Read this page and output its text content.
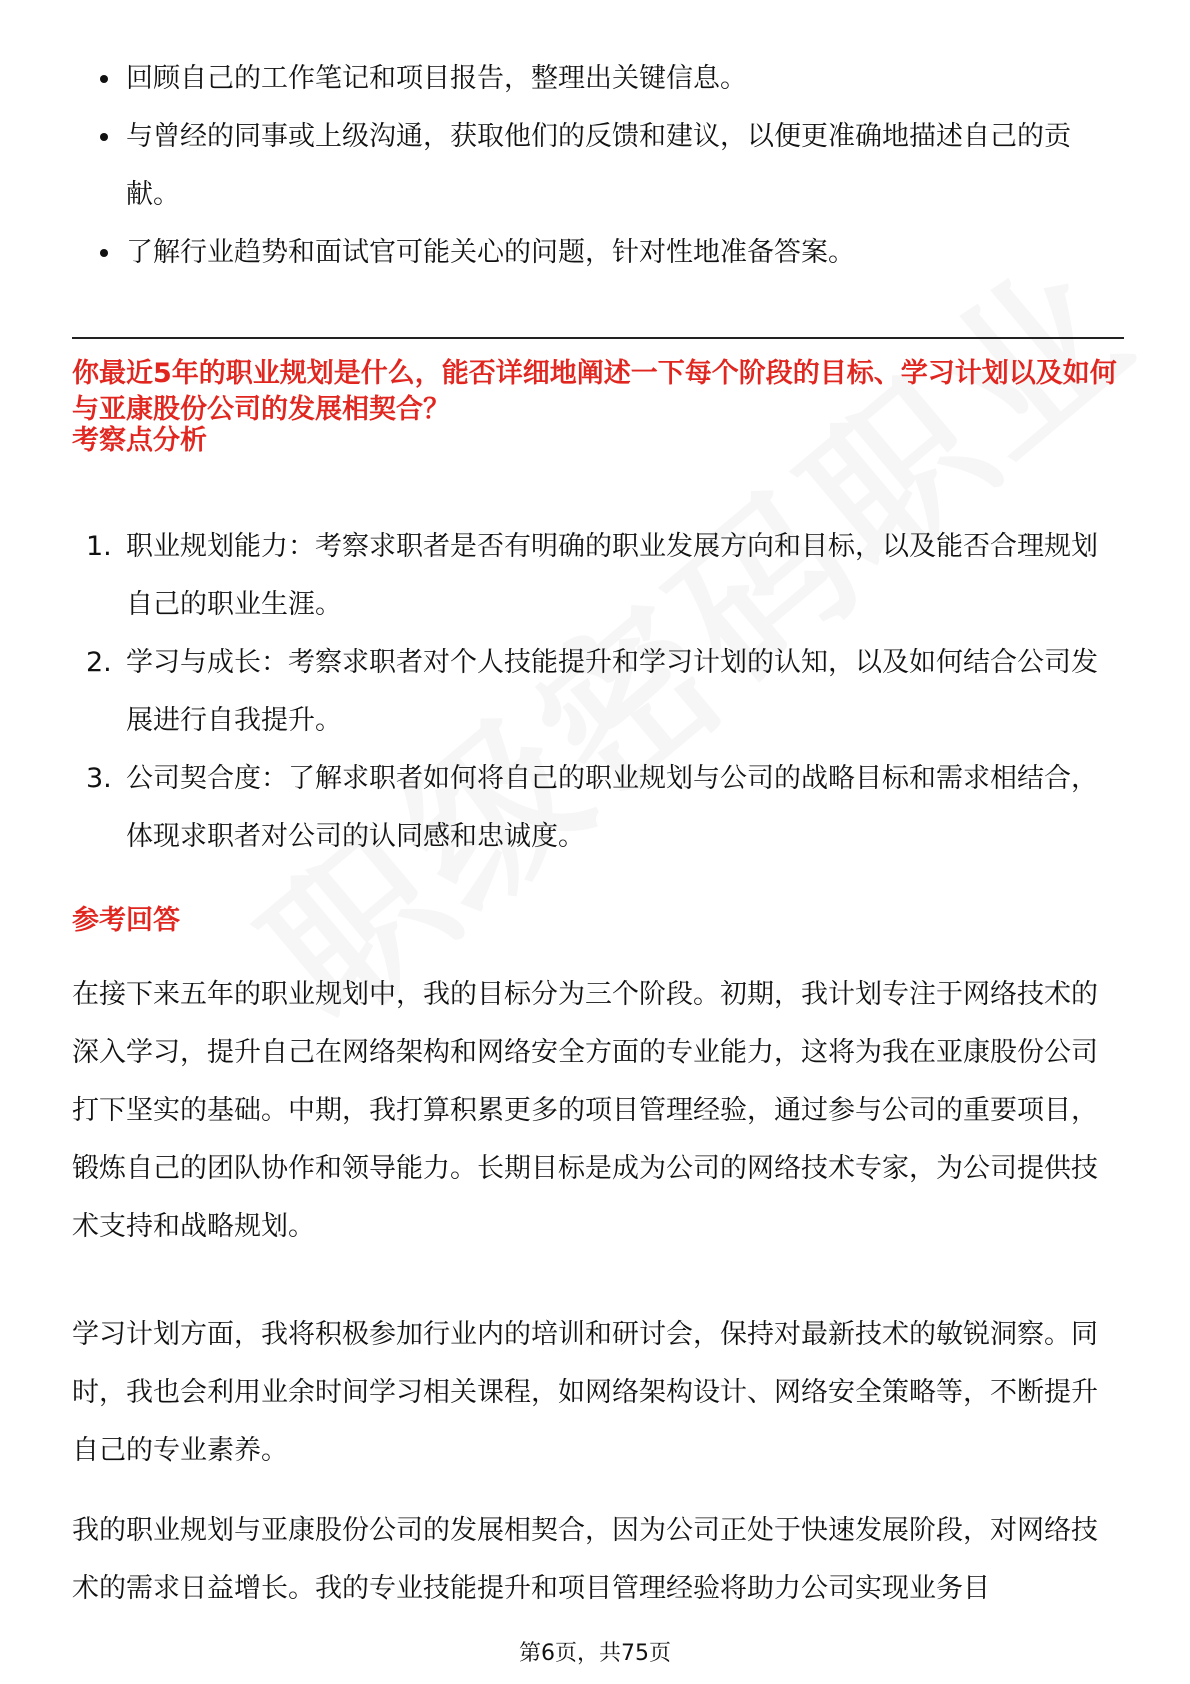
回顾自己的工作笔记和项目报告，整理出关键信息。
与曾经的同事或上级沟通，获取他们的反馈和建议，以便更准确地描述自己的贡献。
了解行业趋势和面试官可能关心的问题，针对性地准备答案。

你最近5年的职业规划是什么，能否详细地阐述一下每个阶段的目标、学习计划以及如何与亚康股份公司的发展相契合？

考察点分析
1. 职业规划能力：考察求职者是否有明确的职业发展方向和目标，以及能否合理规划自己的职业生涯。
2. 学习与成长：考察求职者对个人技能提升和学习计划的认知，以及如何结合公司发展进行自我提升。
3. 公司契合度：了解求职者如何将自己的职业规划与公司的战略目标和需求相结合，体现求职者对公司的认同感和忠诚度。
参考回答

在接下来五年的职业规划中，我的目标分为三个阶段。初期，我计划专注于网络技术的深入学习，提升自己在网络架构和网络安全方面的专业能力，这将为我在亚康股份公司打下坚实的基础。中期，我打算积累更多的项目管理经验，通过参与公司的重要项目，锻炼自己的团队协作和领导能力。长期目标是成为公司的网络技术专家，为公司提供技术支持和战略规划。

学习计划方面，我将积极参加行业内的培训和研讨会，保持对最新技术的敏锐洞察。同时，我也会利用业余时间学习相关课程，如网络架构设计、网络安全策略等，不断提升自己的专业素养。

我的职业规划与亚康股份公司的发展相契合，因为公司正处于快速发展阶段，对网络技术的需求日益增长。我的专业技能提升和项目管理经验将助力公司实现业务目

第6页，共75页
